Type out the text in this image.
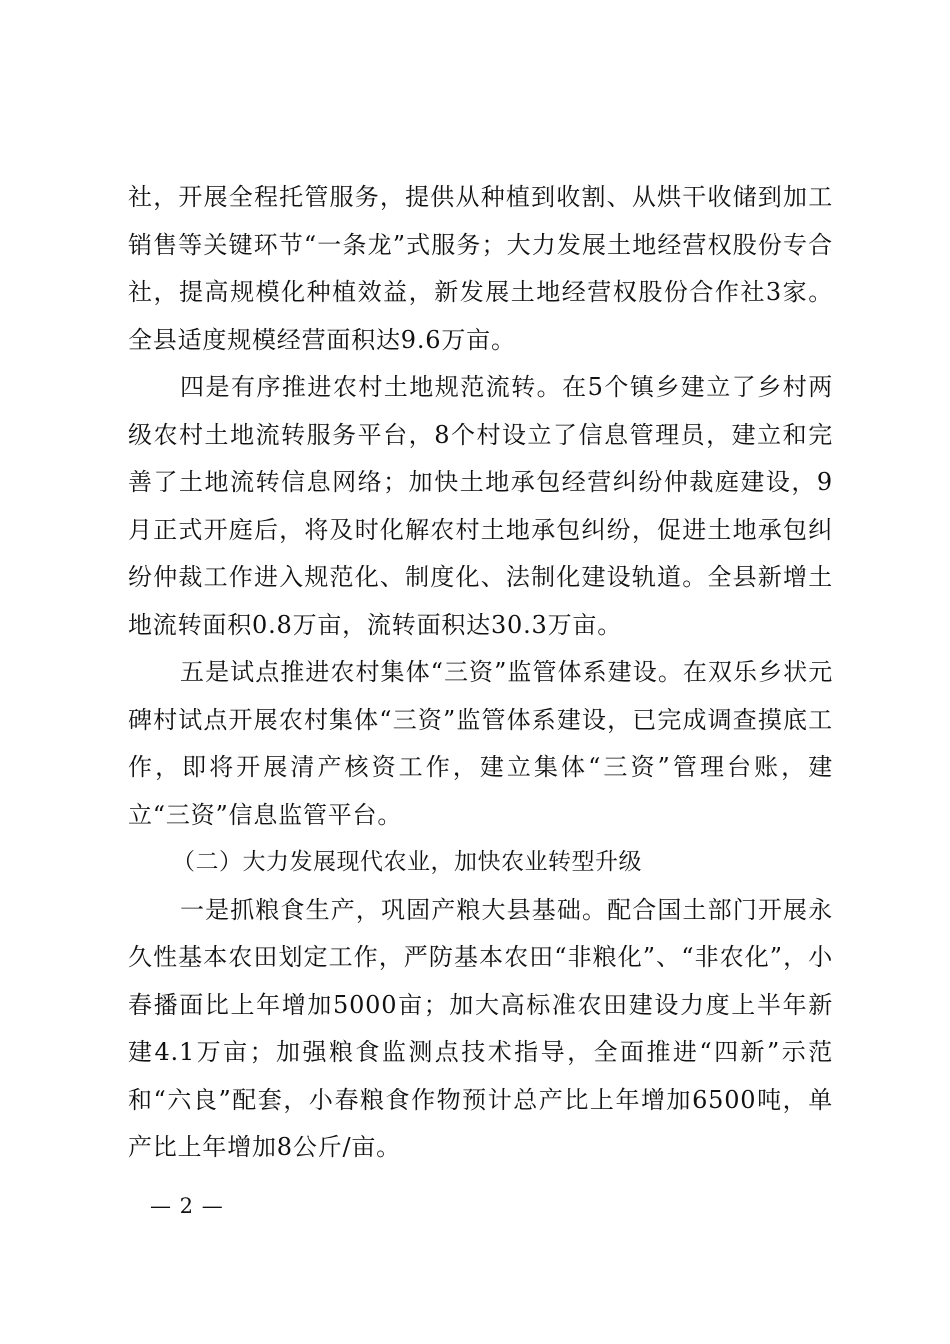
社，开展全程托管服务，提供从种植到收割、从烘干收储到加工销售等关键环节“一条龙”式服务；大力发展土地经营权股份专合社，提高规模化种植效益，新发展土地经营权股份合作社3家。全县适度规模经营面积达9.6万亩。

四是有序推进农村土地规范流转。在5个镇乡建立了乡村两级农村土地流转服务平台，8个村设立了信息管理员，建立和完善了土地流转信息网络；加快土地承包经营纠纷仲裁庭建设，9月正式开庭后，将及时化解农村土地承包纠纷，促进土地承包纠纷仲裁工作进入规范化、制度化、法制化建设轨道。全县新增土地流转面积0.8万亩，流转面积达30.3万亩。

五是试点推进农村集体“三资”监管体系建设。在双乐乡状元碑村试点开展农村集体“三资”监管体系建设，已完成调查摸底工作，即将开展清产核资工作，建立集体“三资”管理台账，建立“三资”信息监管平台。

（二）大力发展现代农业，加快农业转型升级

一是抓粮食生产，巩固产粮大县基础。配合国土部门开展永久性基本农田划定工作，严防基本农田“非粮化”、“非农化”，小春播面比上年增加5000亩；加大高标准农田建设力度上半年新建4.1万亩；加强粮食监测点技术指导，全面推进“四新”示范和“六良”配套，小春粮食作物预计总产比上年增加6500吨，单产比上年增加8公斤/亩。

— 2 —
